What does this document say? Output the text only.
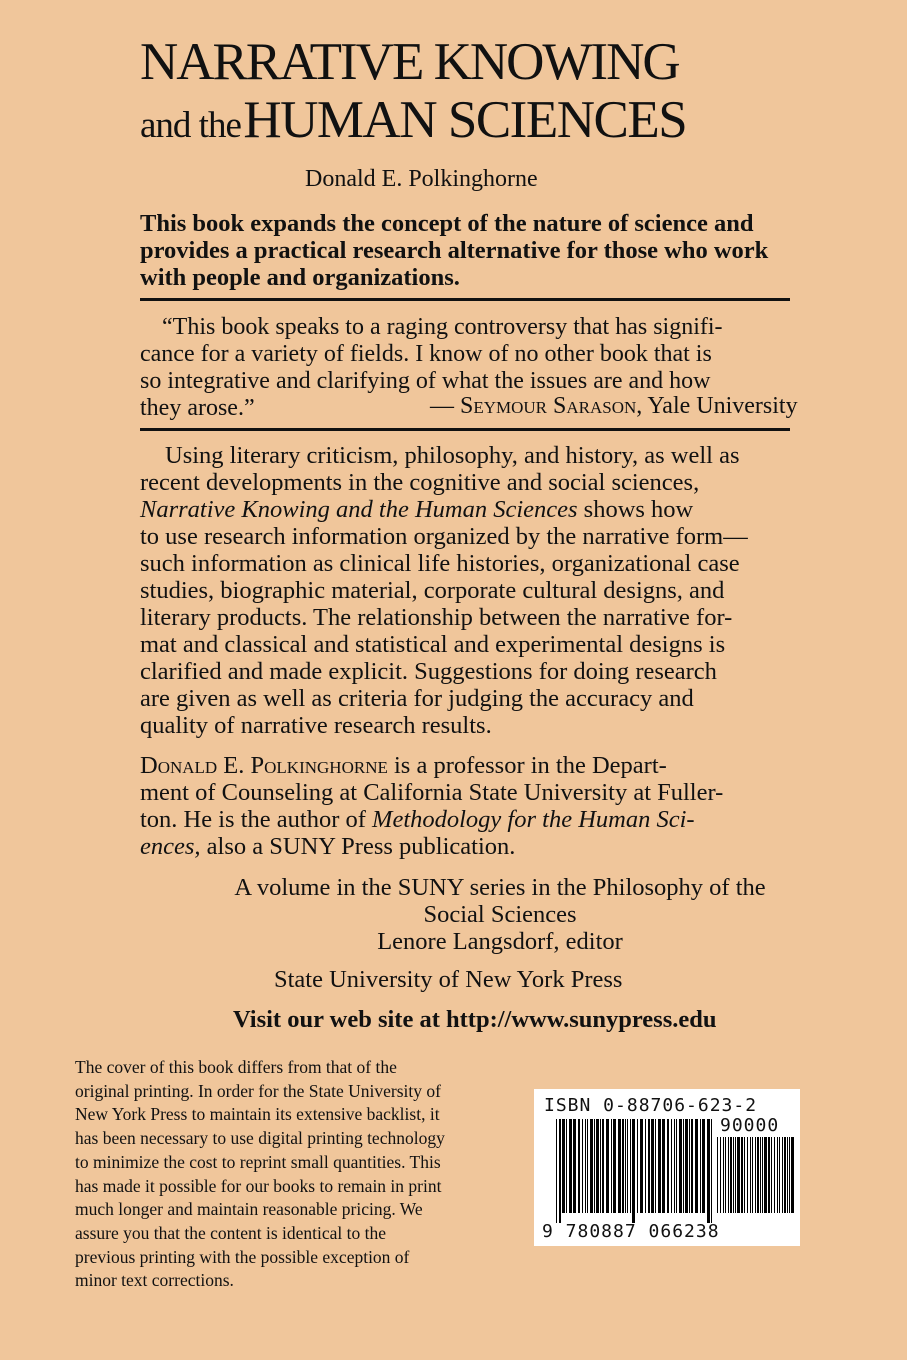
NARRATIVE KNOWING
and the HUMAN SCIENCES
Donald E. Polkinghorne
This book expands the concept of the nature of science and
provides a practical research alternative for those who work
with people and organizations.
“This book speaks to a raging controversy that has signifi-
cance for a variety of fields. I know of no other book that is
so integrative and clarifying of what the issues are and how
they arose.”	— Seymour Sarason, Yale University
Using literary criticism, philosophy, and history, as well as
recent developments in the cognitive and social sciences,
Narrative Knowing and the Human Sciences shows how
to use research information organized by the narrative form—
such information as clinical life histories, organizational case
studies, biographic material, corporate cultural designs, and
literary products. The relationship between the narrative for-
mat and classical and statistical and experimental designs is
clarified and made explicit. Suggestions for doing research
are given as well as criteria for judging the accuracy and
quality of narrative research results.
Donald E. Polkinghorne is a professor in the Depart-
ment of Counseling at California State University at Fuller-
ton. He is the author of Methodology for the Human Sci-
ences, also a SUNY Press publication.
A volume in the SUNY series in the Philosophy of the
Social Sciences
Lenore Langsdorf, editor
State University of New York Press
Visit our web site at http://www.sunypress.edu
The cover of this book differs from that of the
original printing. In order for the State University of
New York Press to maintain its extensive backlist, it
has been necessary to use digital printing technology
to minimize the cost to reprint small quantities. This
has made it possible for our books to remain in print
much longer and maintain reasonable pricing. We
assure you that the content is identical to the
previous printing with the possible exception of
minor text corrections.
ISBN 0-88706-623-2
90000
9 780887 066238
